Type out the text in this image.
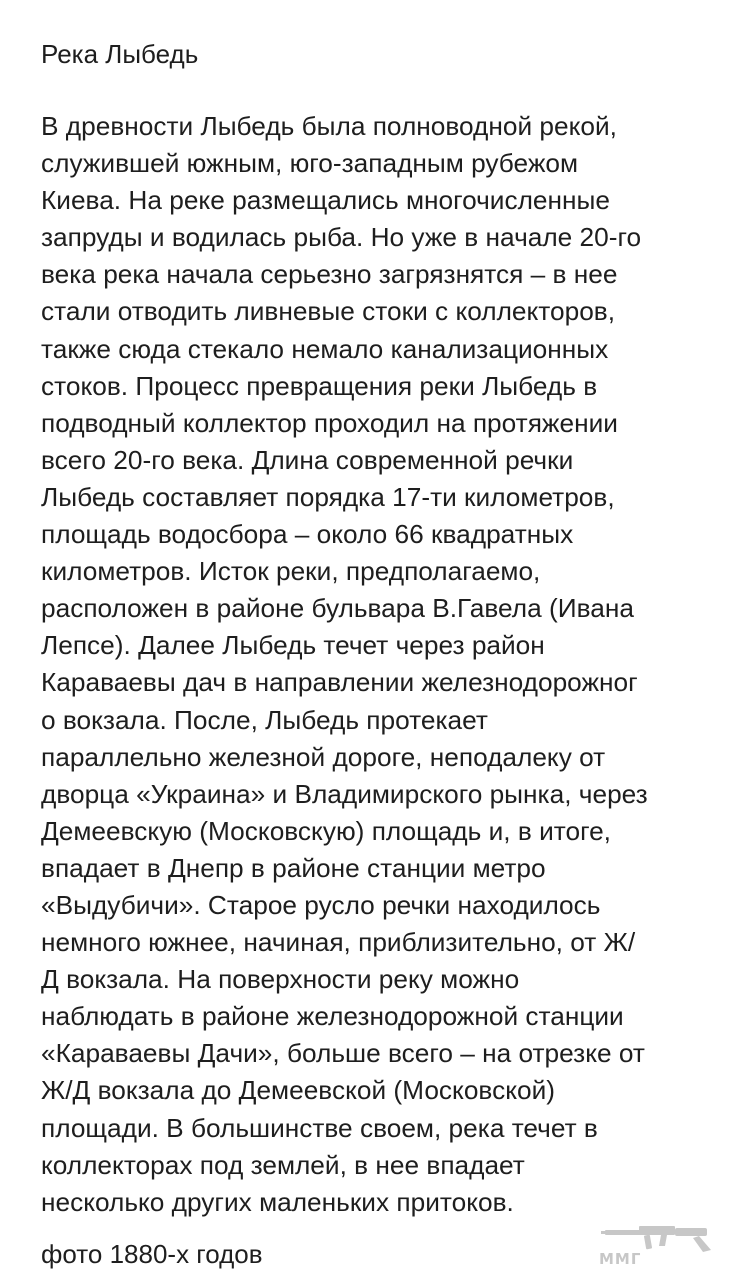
Река Лыбедь
В древности Лыбедь была полноводной рекой,
служившей южным, юго-западным рубежом
Киева. На реке размещались многочисленные
запруды и водилась рыба. Но уже в начале 20-го
века река начала серьезно загрязнятся – в нее
стали отводить ливневые стоки с коллекторов,
также сюда стекало немало канализационных
стоков. Процесс превращения реки Лыбедь в
подводный коллектор проходил на протяжении
всего 20-го века. Длина современной речки
Лыбедь составляет порядка 17-ти километров,
площадь водосбора – около 66 квадратных
километров. Исток реки, предполагаемо,
расположен в районе бульвара В.Гавела (Ивана
Лепсе). Далее Лыбедь течет через район
Караваевы дач в направлении железнодорожног
о вокзала. После, Лыбедь протекает
параллельно железной дороге, неподалеку от
дворца «Украина» и Владимирского рынка, через
Демеевскую (Московскую) площадь и, в итоге,
впадает в Днепр в районе станции метро
«Выдубичи». Старое русло речки находилось
немного южнее, начиная, приблизительно, от Ж/
Д вокзала. На поверхности реку можно
наблюдать в районе железнодорожной станции
«Караваевы Дачи», больше всего – на отрезке от
Ж/Д вокзала до Демеевской (Московской)
площади. В большинстве своем, река течет в
коллекторах под землей, в нее впадает
несколько других маленьких притоков.
фото 1880-х годов	ММГ
